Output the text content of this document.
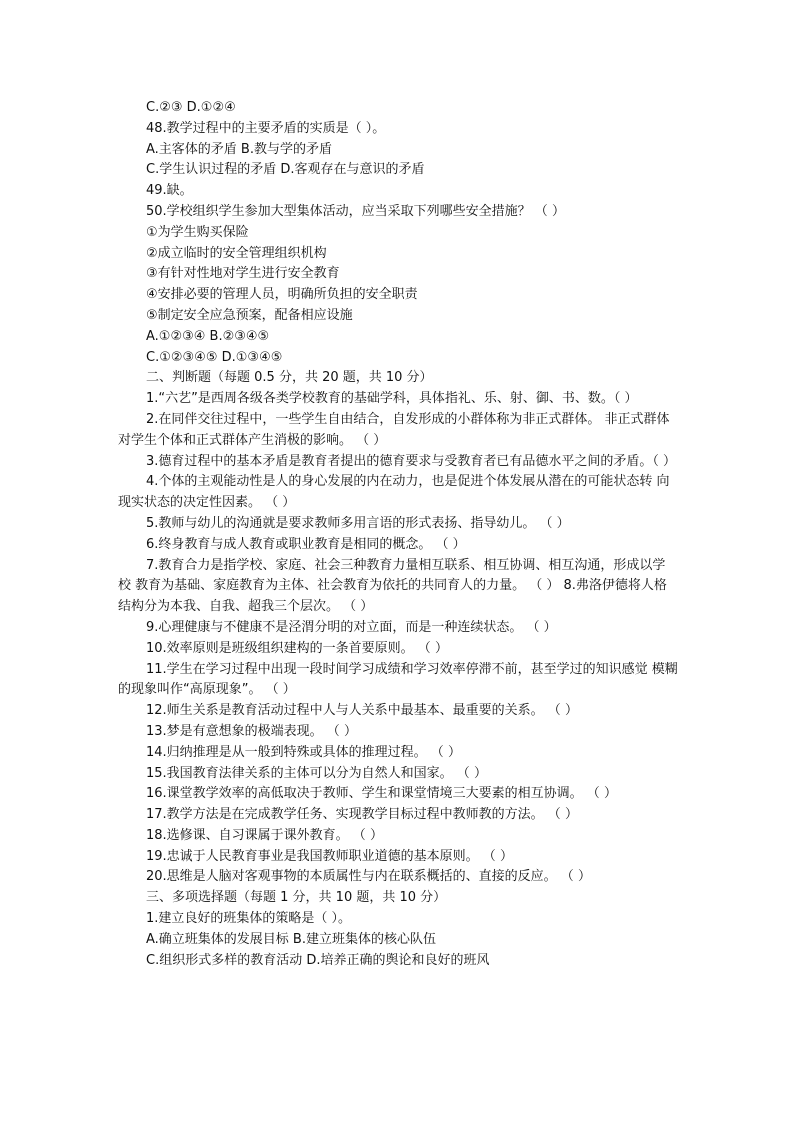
C.②③ D.①②④
48.教学过程中的主要矛盾的实质是（ ）。
A.主客体的矛盾 B.教与学的矛盾
C.学生认识过程的矛盾 D.客观存在与意识的矛盾
49.缺。
50.学校组织学生参加大型集体活动，应当采取下列哪些安全措施？ （ ）
①为学生购买保险
②成立临时的安全管理组织机构
③有针对性地对学生进行安全教育
④安排必要的管理人员，明确所负担的安全职责
⑤制定安全应急预案，配备相应设施
A.①②③④ B.②③④⑤
C.①②③④⑤ D.①③④⑤
二、判断题（每题 0.5 分，共 20 题，共 10 分）
1.“六艺”是西周各级各类学校教育的基础学科，具体指礼、乐、射、御、书、数。（ ）
2.在同伴交往过程中，一些学生自由结合，自发形成的小群体称为非正式群体。 非正式群体 对学生个体和正式群体产生消极的影响。 （ ）
3.德育过程中的基本矛盾是教育者提出的德育要求与受教育者已有品德水平之间的矛盾。（ ）
4.个体的主观能动性是人的身心发展的内在动力，也是促进个体发展从潜在的可能状态转 向现实状态的决定性因素。 （ ）
5.教师与幼儿的沟通就是要求教师多用言语的形式表扬、指导幼儿。 （ ）
6.终身教育与成人教育或职业教育是相同的概念。 （ ）
7.教育合力是指学校、家庭、社会三种教育力量相互联系、相互协调、相互沟通，形成以学校 教育为基础、家庭教育为主体、社会教育为依托的共同育人的力量。 （ ） 8.弗洛伊德将人格结构分为本我、自我、超我三个层次。 （ ）
9.心理健康与不健康不是泾渭分明的对立面，而是一种连续状态。 （ ）
10.效率原则是班级组织建构的一条首要原则。 （ ）
11.学生在学习过程中出现一段时间学习成绩和学习效率停滞不前，甚至学过的知识感觉 模糊的现象叫作“高原现象”。 （ ）
12.师生关系是教育活动过程中人与人关系中最基本、最重要的关系。 （ ）
13.梦是有意想象的极端表现。 （ ）
14.归纳推理是从一般到特殊或具体的推理过程。 （ ）
15.我国教育法律关系的主体可以分为自然人和国家。 （ ）
16.课堂教学效率的高低取决于教师、学生和课堂情境三大要素的相互协调。 （ ）
17.教学方法是在完成教学任务、实现教学目标过程中教师教的方法。 （ ）
18.选修课、自习课属于课外教育。 （ ）
19.忠诚于人民教育事业是我国教师职业道德的基本原则。 （ ）
20.思维是人脑对客观事物的本质属性与内在联系概括的、直接的反应。 （ ）
三、多项选择题（每题 1 分，共 10 题，共 10 分）
1.建立良好的班集体的策略是（ ）。
A.确立班集体的发展目标 B.建立班集体的核心队伍
C.组织形式多样的教育活动 D.培养正确的舆论和良好的班风
